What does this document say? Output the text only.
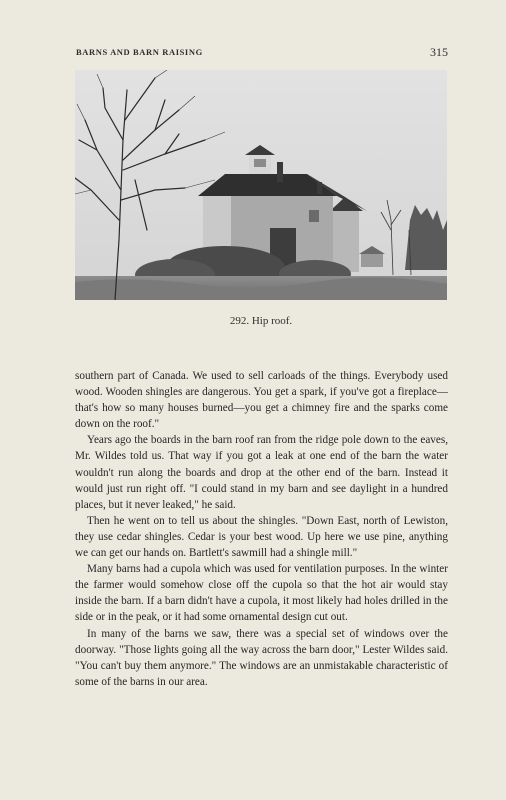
BARNS AND BARN RAISING	315
292. Hip roof.

southern part of Canada. We used to sell carloads of the things. Everybody used wood. Wooden shingles are dangerous. You get a spark, if you've got a fireplace—that's how so many houses burned—you get a chimney fire and the sparks come down on the roof."

Years ago the boards in the barn roof ran from the ridge pole down to the eaves, Mr. Wildes told us. That way if you got a leak at one end of the barn the water wouldn't run along the boards and drop at the other end of the barn. Instead it would just run right off. "I could stand in my barn and see daylight in a hundred places, but it never leaked," he said.

Then he went on to tell us about the shingles. "Down East, north of Lewiston, they use cedar shingles. Cedar is your best wood. Up here we use pine, anything we can get our hands on. Bartlett's sawmill had a shingle mill."

Many barns had a cupola which was used for ventilation purposes. In the winter the farmer would somehow close off the cupola so that the hot air would stay inside the barn. If a barn didn't have a cupola, it most likely had holes drilled in the side or in the peak, or it had some ornamental design cut out.

In many of the barns we saw, there was a special set of windows over the doorway. "Those lights going all the way across the barn door," Lester Wildes said. "You can't buy them anymore." The windows are an unmistakable characteristic of some of the barns in our area.
